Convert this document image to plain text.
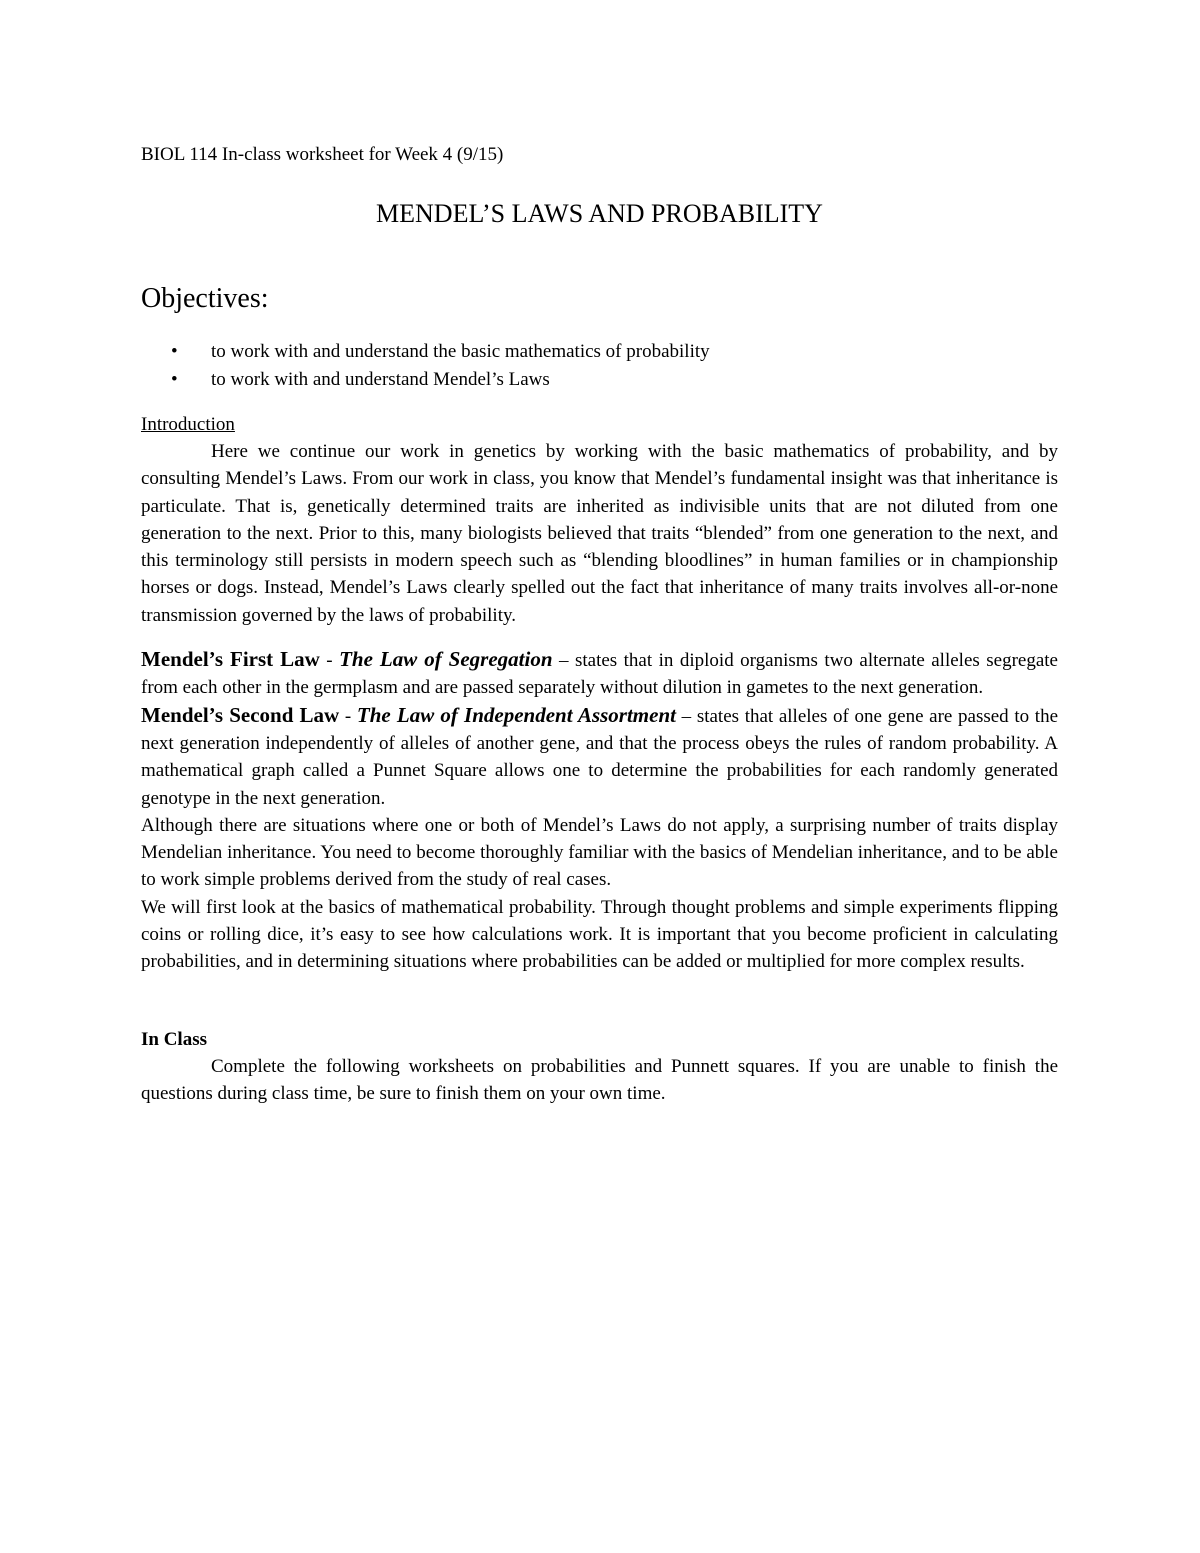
BIOL 114 In-class worksheet for Week 4 (9/15)

MENDEL’S LAWS AND PROBABILITY
Objectives:
• to work with and understand the basic mathematics of probability
• to work with and understand Mendel’s Laws
Introduction

Here we continue our work in genetics by working with the basic mathematics of probability, and by consulting Mendel’s Laws. From our work in class, you know that Mendel’s fundamental insight was that inheritance is particulate. That is, genetically determined traits are inherited as indivisible units that are not diluted from one generation to the next. Prior to this, many biologists believed that traits “blended” from one generation to the next, and this terminology still persists in modern speech such as “blending bloodlines” in human families or in championship horses or dogs. Instead, Mendel’s Laws clearly spelled out the fact that inheritance of many traits involves all-or-none transmission governed by the laws of probability.

Mendel’s First Law - The Law of Segregation – states that in diploid organisms two alternate alleles segregate from each other in the germplasm and are passed separately without dilution in gametes to the next generation.

Mendel’s Second Law - The Law of Independent Assortment – states that alleles of one gene are passed to the next generation independently of alleles of another gene, and that the process obeys the rules of random probability. A mathematical graph called a Punnet Square allows one to determine the probabilities for each randomly generated genotype in the next generation.

Although there are situations where one or both of Mendel’s Laws do not apply, a surprising number of traits display Mendelian inheritance. You need to become thoroughly familiar with the basics of Mendelian inheritance, and to be able to work simple problems derived from the study of real cases.

We will first look at the basics of mathematical probability. Through thought problems and simple experiments flipping coins or rolling dice, it’s easy to see how calculations work. It is important that you become proficient in calculating probabilities, and in determining situations where probabilities can be added or multiplied for more complex results.

In Class

Complete the following worksheets on probabilities and Punnett squares. If you are unable to finish the questions during class time, be sure to finish them on your own time.
